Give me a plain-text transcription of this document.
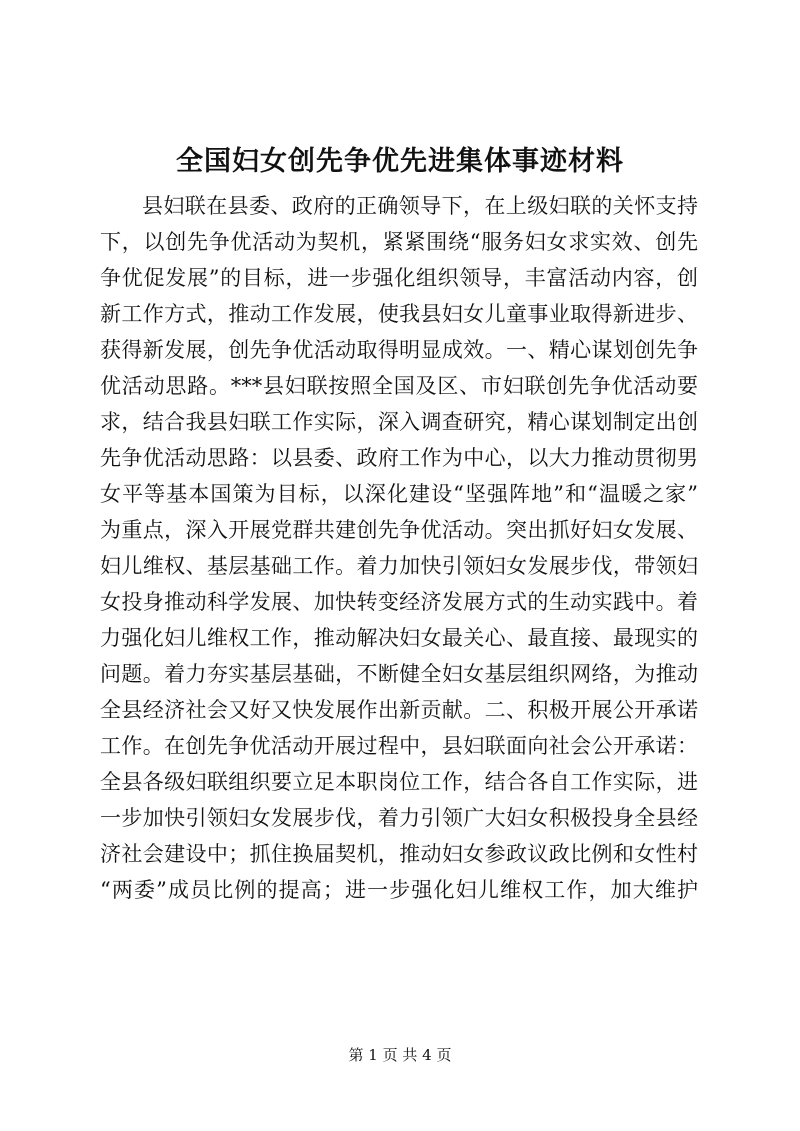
全国妇女创先争优先进集体事迹材料
县妇联在县委、政府的正确领导下，在上级妇联的关怀支持
下，以创先争优活动为契机，紧紧围绕“服务妇女求实效、创先
争优促发展”的目标，进一步强化组织领导，丰富活动内容，创
新工作方式，推动工作发展，使我县妇女儿童事业取得新进步、
获得新发展，创先争优活动取得明显成效。一、精心谋划创先争
优活动思路。***县妇联按照全国及区、市妇联创先争优活动要
求，结合我县妇联工作实际，深入调查研究，精心谋划制定出创
先争优活动思路：以县委、政府工作为中心，以大力推动贯彻男
女平等基本国策为目标，以深化建设“坚强阵地”和“温暖之家”
为重点，深入开展党群共建创先争优活动。突出抓好妇女发展、
妇儿维权、基层基础工作。着力加快引领妇女发展步伐，带领妇
女投身推动科学发展、加快转变经济发展方式的生动实践中。着
力强化妇儿维权工作，推动解决妇女最关心、最直接、最现实的
问题。着力夯实基层基础，不断健全妇女基层组织网络，为推动
全县经济社会又好又快发展作出新贡献。二、积极开展公开承诺
工作。在创先争优活动开展过程中，县妇联面向社会公开承诺：
全县各级妇联组织要立足本职岗位工作，结合各自工作实际，进
一步加快引领妇女发展步伐，着力引领广大妇女积极投身全县经
济社会建设中；抓住换届契机，推动妇女参政议政比例和女性村
“两委”成员比例的提高；进一步强化妇儿维权工作，加大维护
第 1 页 共 4 页
